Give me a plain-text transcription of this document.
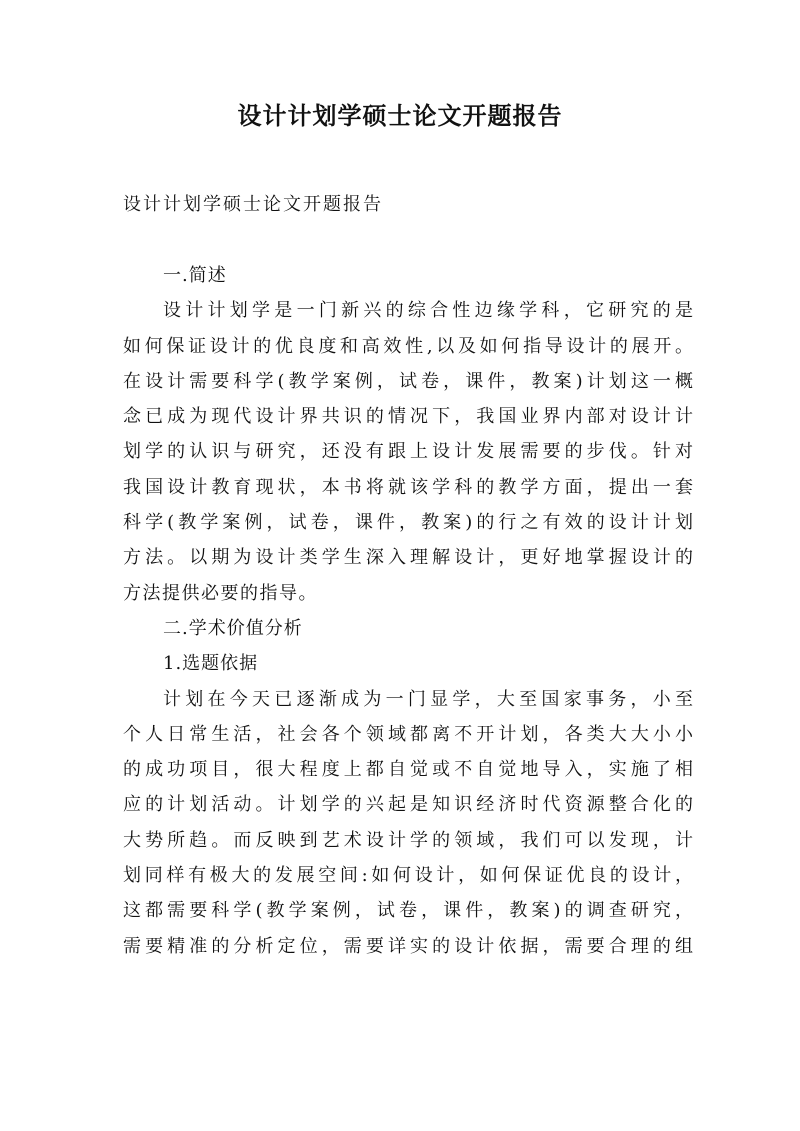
设计计划学硕士论文开题报告

设计计划学硕士论文开题报告

一.简述
设计计划学是一门新兴的综合性边缘学科，它研究的是
如何保证设计的优良度和高效性,以及如何指导设计的展开。
在设计需要科学(教学案例，试卷，课件，教案)计划这一概
念已成为现代设计界共识的情况下，我国业界内部对设计计
划学的认识与研究，还没有跟上设计发展需要的步伐。针对
我国设计教育现状，本书将就该学科的教学方面，提出一套
科学(教学案例，试卷，课件，教案)的行之有效的设计计划
方法。以期为设计类学生深入理解设计，更好地掌握设计的
方法提供必要的指导。
二.学术价值分析
1.选题依据
计划在今天已逐渐成为一门显学，大至国家事务，小至
个人日常生活，社会各个领域都离不开计划，各类大大小小
的成功项目，很大程度上都自觉或不自觉地导入，实施了相
应的计划活动。计划学的兴起是知识经济时代资源整合化的
大势所趋。而反映到艺术设计学的领域，我们可以发现，计
划同样有极大的发展空间:如何设计，如何保证优良的设计，
这都需要科学(教学案例，试卷，课件，教案)的调查研究，
需要精准的分析定位，需要详实的设计依据，需要合理的组
